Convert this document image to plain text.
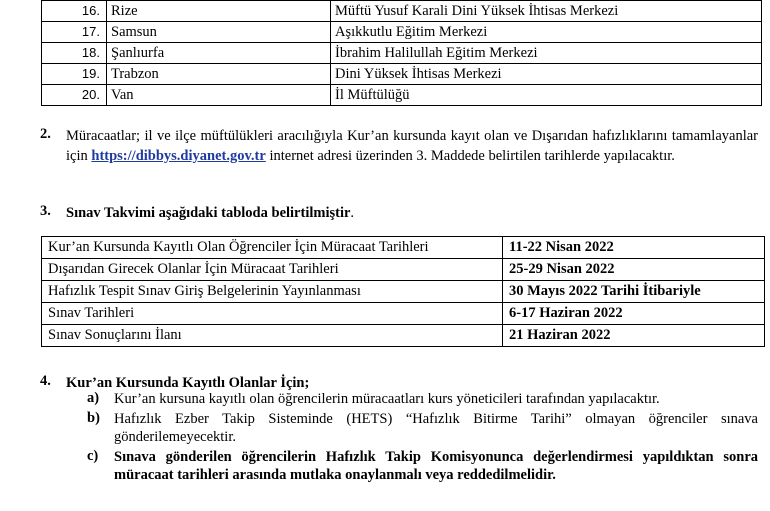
16.	Rize	Müftü Yusuf Karali Dini Yüksek İhtisas Merkezi
17.	Samsun	Aşıkkutlu Eğitim Merkezi
18.	Şanlıurfa	İbrahim Halilullah Eğitim Merkezi
19.	Trabzon	Dini Yüksek İhtisas Merkezi
20.	Van	İl Müftülüğü
2. Müracaatlar; il ve ilçe müftülükleri aracılığıyla Kur’an kursunda kayıt olan ve Dışarıdan hafızlıklarını tamamlayanlar için https://dibbys.diyanet.gov.tr internet adresi üzerinden 3. Maddede belirtilen tarihlerde yapılacaktır.
3. Sınav Takvimi aşağıdaki tabloda belirtilmiştir.
Kur’an Kursunda Kayıtlı Olan Öğrenciler İçin Müracaat Tarihleri	11-22 Nisan 2022
Dışarıdan Girecek Olanlar İçin Müracaat Tarihleri	25-29 Nisan 2022
Hafızlık Tespit Sınav Giriş Belgelerinin Yayınlanması	30 Mayıs 2022 Tarihi İtibariyle
Sınav Tarihleri	6-17 Haziran 2022
Sınav Sonuçlarını İlanı	21 Haziran 2022
4. Kur’an Kursunda Kayıtlı Olanlar İçin;
a) Kur’an kursuna kayıtlı olan öğrencilerin müracaatları kurs yöneticileri tarafından yapılacaktır.
b) Hafızlık Ezber Takip Sisteminde (HETS) “Hafızlık Bitirme Tarihi” olmayan öğrenciler sınava gönderilemeyecektir.
c) Sınava gönderilen öğrencilerin Hafızlık Takip Komisyonunca değerlendirmesi yapıldıktan sonra müracaat tarihleri arasında mutlaka onaylanmalı veya reddedilmelidir.
